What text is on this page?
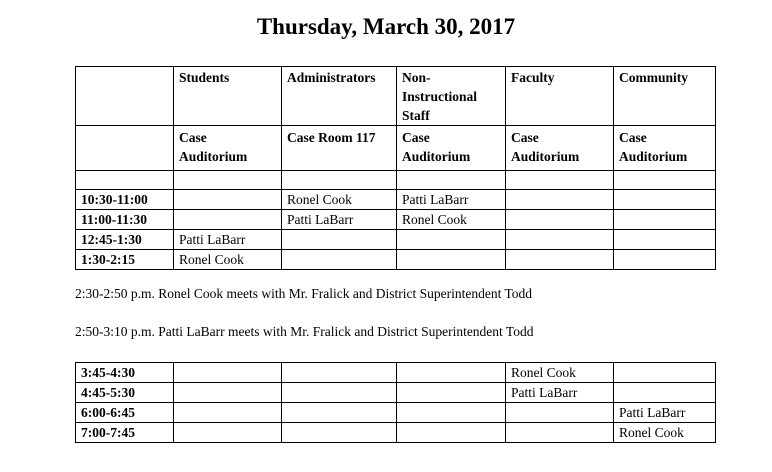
Thursday, March 30, 2017
	Students	Administrators	Non-Instructional Staff	Faculty	Community
	Case Auditorium	Case Room 117	Case Auditorium	Case Auditorium	Case Auditorium

10:30-11:00		Ronel Cook	Patti LaBarr		
11:00-11:30		Patti LaBarr	Ronel Cook		
12:45-1:30	Patti LaBarr				
1:30-2:15	Ronel Cook				
2:30-2:50 p.m. Ronel Cook meets with Mr. Fralick and District Superintendent Todd
2:50-3:10 p.m. Patti LaBarr meets with Mr. Fralick and District Superintendent Todd
3:45-4:30				Ronel Cook	
4:45-5:30				Patti LaBarr	
6:00-6:45					Patti LaBarr
7:00-7:45					Ronel Cook
